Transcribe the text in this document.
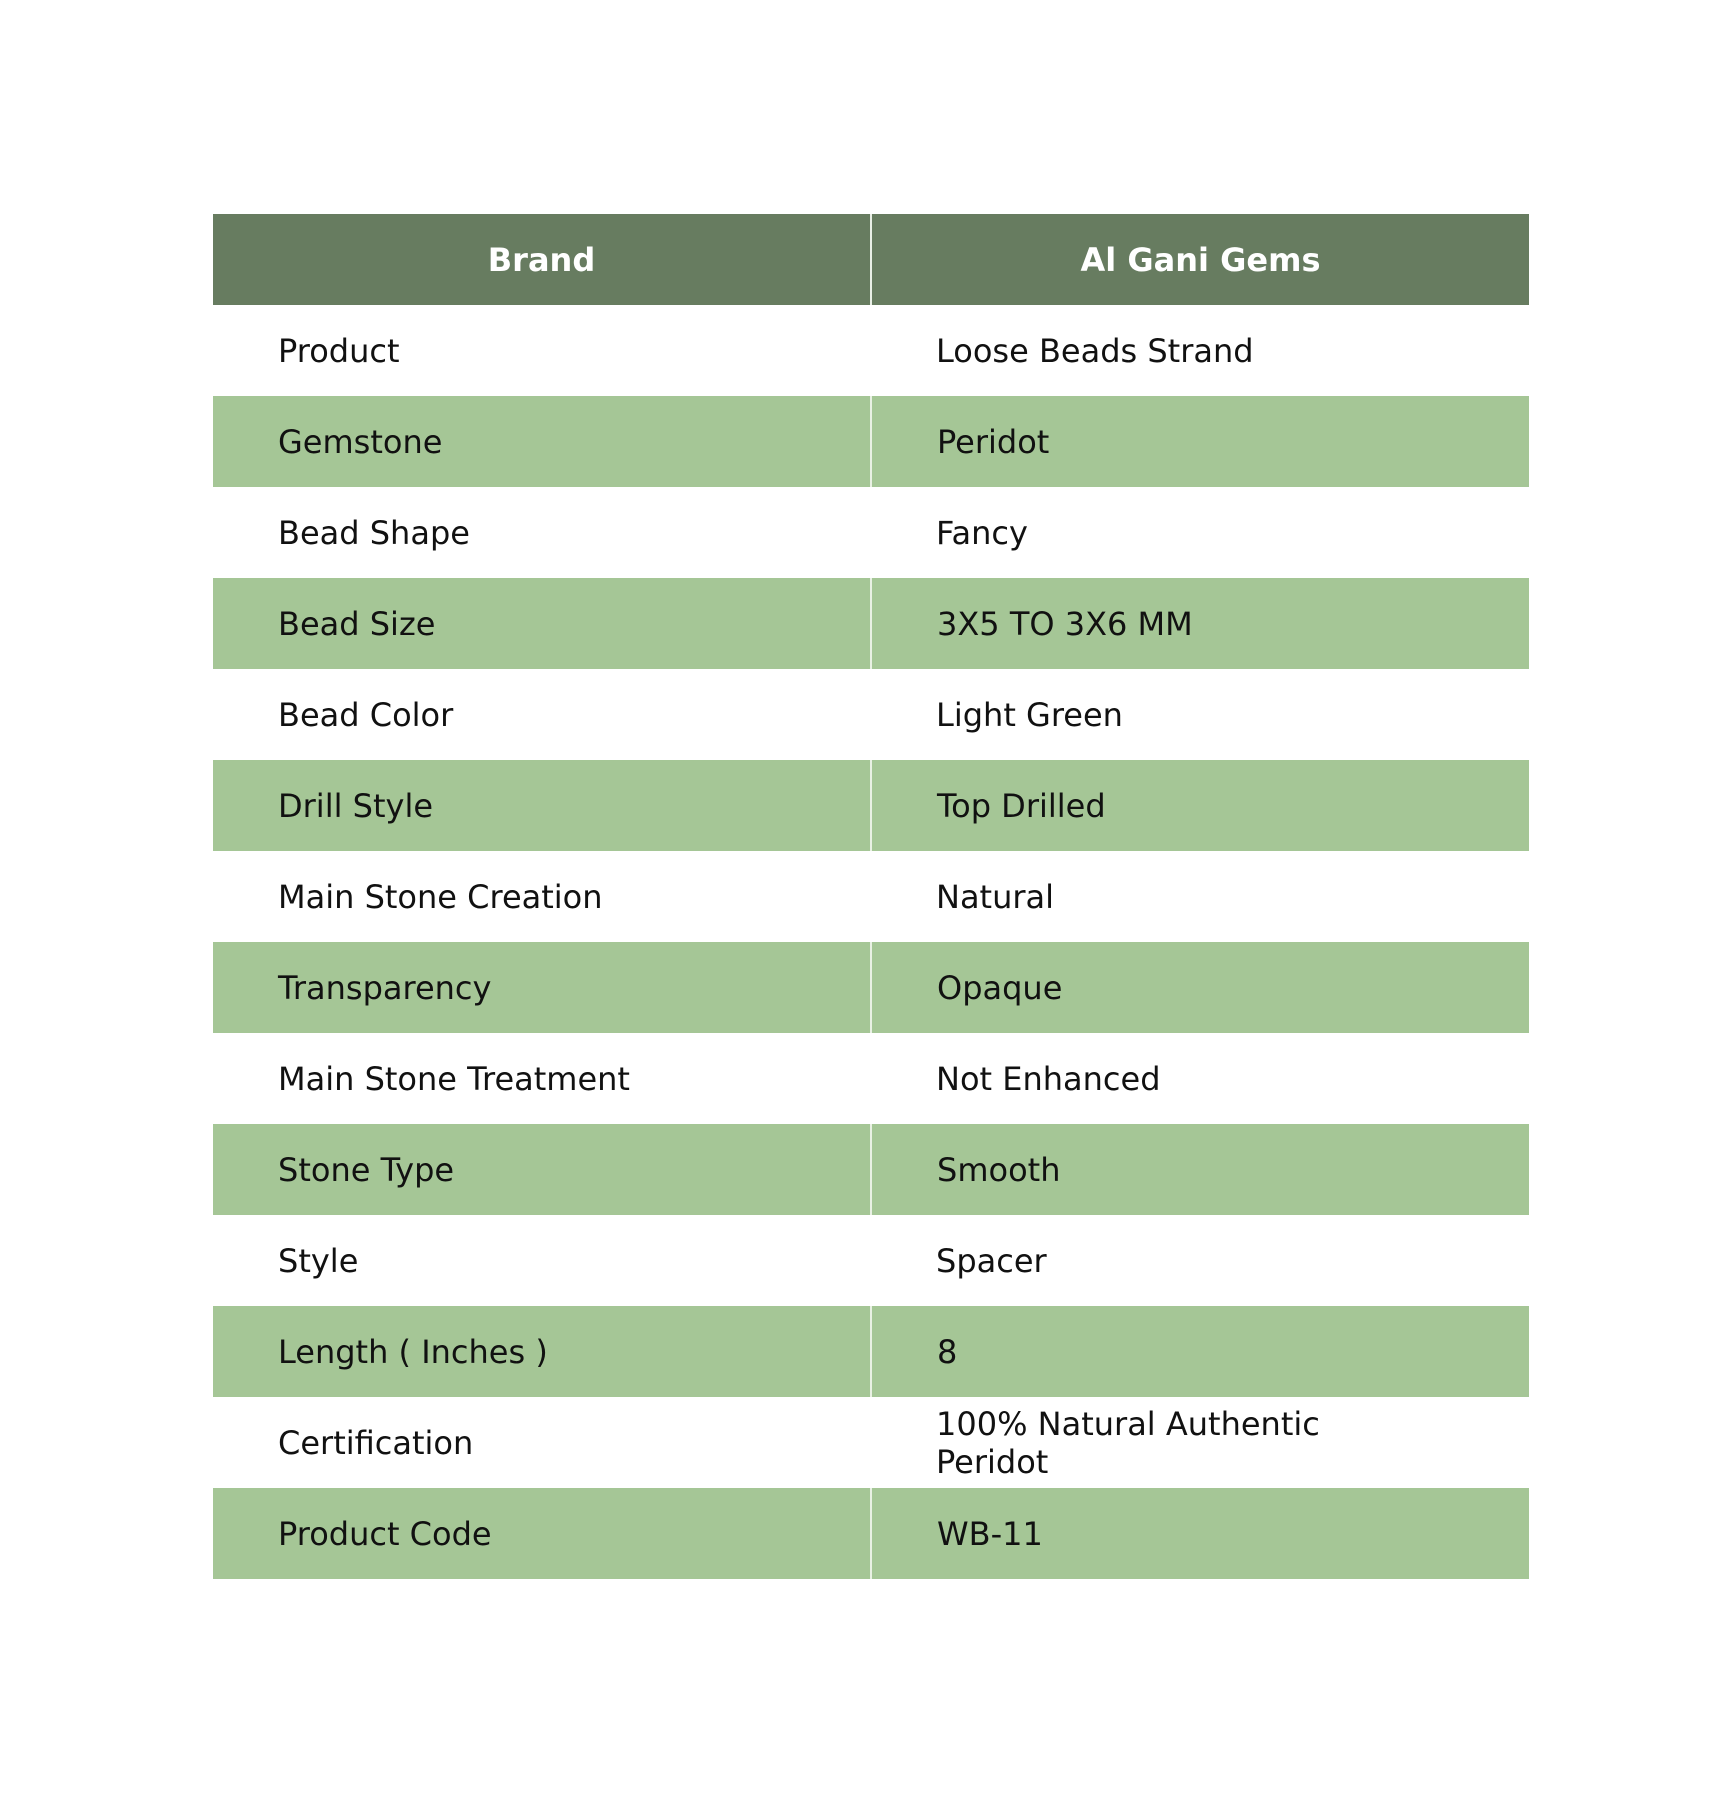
Brand	Al Gani Gems
Product	Loose Beads Strand
Gemstone	Peridot
Bead Shape	Fancy
Bead Size	3X5 TO 3X6 MM
Bead Color	Light Green
Drill Style	Top Drilled
Main Stone Creation	Natural
Transparency	Opaque
Main Stone Treatment	Not Enhanced
Stone Type	Smooth
Style	Spacer
Length ( Inches )	8
Certification	100% Natural Authentic Peridot
Product Code	WB-11
